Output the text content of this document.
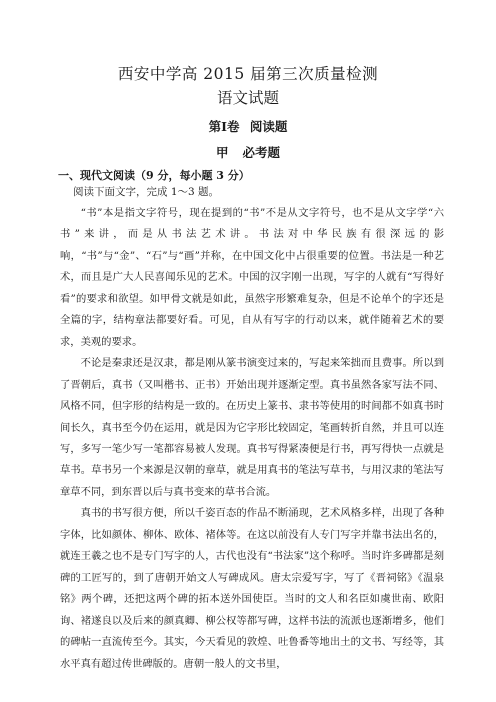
西安中学高 2015 届第三次质量检测
语文试题
第Ⅰ卷 阅读题
甲 必考题
一、现代文阅读（9 分，每小题 3 分）
阅读下面文字，完成 1～3 题。

“书”本是指文字符号，现在提到的“书”不是从文字符号，也不是从文字学“六书”来讲，而是从书法艺术讲。书法对中华民族有很深远的影响，“书”与“金”、“石”与“画”并称，在中国文化中占很重要的位置。书法是一种艺术，而且是广大人民喜闻乐见的艺术。中国的汉字刚一出现，写字的人就有“写得好看”的要求和欲望。如甲骨文就是如此，虽然字形繁难复杂，但是不论单个的字还是全篇的字，结构章法都要好看。可见，自从有写字的行动以来，就伴随着艺术的要求，美观的要求。

不论是秦隶还是汉隶，都是刚从篆书演变过来的，写起来笨拙而且费事。所以到了晋朝后，真书（又叫楷书、正书）开始出现并逐渐定型。真书虽然各家写法不同、风格不同，但字形的结构是一致的。在历史上篆书、隶书等使用的时间都不如真书时间长久，真书至今仍在运用，就是因为它字形比较固定，笔画转折自然，并且可以连写，多写一笔少写一笔都容易被人发现。真书写得紧凑便是行书，再写得快一点就是草书。草书另一个来源是汉朝的章草，就是用真书的笔法写草书，与用汉隶的笔法写章草不同，到东晋以后与真书变来的草书合流。

真书的书写很方便，所以千姿百态的作品不断涌现，艺术风格多样，出现了各种字体，比如颜体、柳体、欧体、褚体等。在这以前没有人专门写字并靠书法出名的，就连王羲之也不是专门写字的人，古代也没有“书法家”这个称呼。当时许多碑都是刻碑的工匠写的，到了唐朝开始文人写碑成风。唐太宗爱写字，写了《晋祠铭》《温泉铭》两个碑，还把这两个碑的拓本送外国使臣。当时的文人和名臣如虞世南、欧阳询、褚遂良以及后来的颜真卿、柳公权等都写碑，这样书法的流派也逐渐增多，他们的碑帖一直流传至今。其实，今天看见的敦煌、吐鲁番等地出土的文书、写经等，其水平真有超过传世碑版的。唐朝一般人的文书里，
